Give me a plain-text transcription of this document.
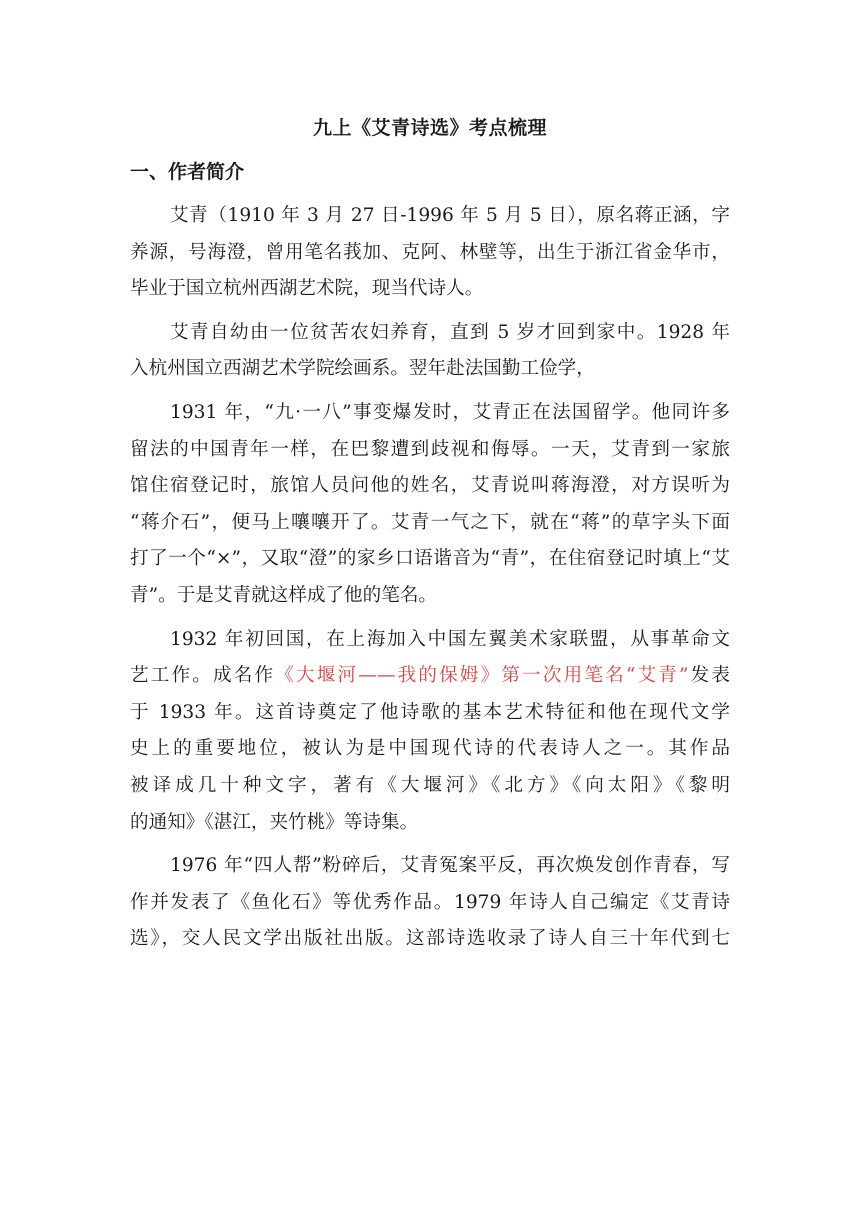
九上《艾青诗选》考点梳理
一、作者简介
艾青（1910 年 3 月 27 日-1996 年 5 月 5 日），原名蒋正涵，字
养源，号海澄，曾用笔名莪加、克阿、林壁等，出生于浙江省金华市，
毕业于国立杭州西湖艺术院，现当代诗人。
艾青自幼由一位贫苦农妇养育，直到 5 岁才回到家中。1928 年
入杭州国立西湖艺术学院绘画系。翌年赴法国勤工俭学，
1931 年，“九·一八”事变爆发时，艾青正在法国留学。他同许多
留法的中国青年一样，在巴黎遭到歧视和侮辱。一天，艾青到一家旅
馆住宿登记时，旅馆人员问他的姓名，艾青说叫蒋海澄，对方误听为
“蒋介石”，便马上嚷嚷开了。艾青一气之下，就在“蒋”的草字头下面
打了一个“×”，又取“澄”的家乡口语谐音为“青”，在住宿登记时填上“艾
青”。于是艾青就这样成了他的笔名。
1932 年初回国，在上海加入中国左翼美术家联盟，从事革命文
艺工作。成名作《大堰河——我的保姆》第一次用笔名“艾青”发表
于 1933 年。这首诗奠定了他诗歌的基本艺术特征和他在现代文学
史上的重要地位，被认为是中国现代诗的代表诗人之一。其作品
被译成几十种文字，著有《大堰河》《北方》《向太阳》《黎明
的通知》《湛江，夹竹桃》等诗集。
1976 年“四人帮”粉碎后，艾青冤案平反，再次焕发创作青春，写
作并发表了《鱼化石》等优秀作品。1979 年诗人自己编定《艾青诗
选》，交人民文学出版社出版。这部诗选收录了诗人自三十年代到七
